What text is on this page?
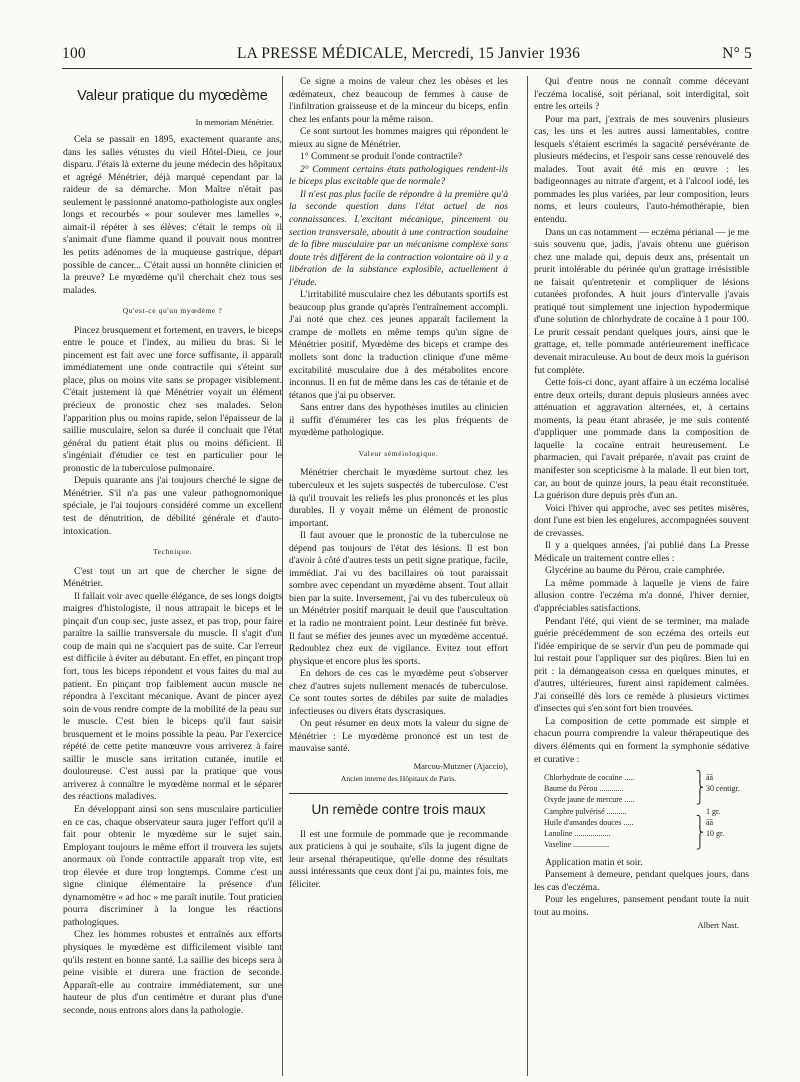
100	LA PRESSE MÉDICALE, Mercredi, 15 Janvier 1936	N° 5
Valeur pratique du myœdème

In memoriam Ménétrier.

Cela se passait en 1895, exactement quarante ans, dans les salles vétustes du vieil Hôtel-Dieu, ce jour disparu. J'étais là externe du jeune médecin des hôpitaux et agrégé Ménétrier, déjà marqué cependant par la raideur de sa démarche. Mon Maître n'était pas seulement le passionné anatomo-pathologiste aux ongles longs et recourbés « pour soulever mes lamelles », aimait-il répéter à ses élèves: c'était le temps où il s'animait d'une flamme quand il pouvait nous montrer les petits adénomes de la muqueuse gastrique, départ possible de cancer... C'était aussi un honnête clinicien et la preuve? Le myœdème qu'il cherchait chez tous ses malades.

Qu'est-ce qu'un myœdème ?

Pincez brusquement et fortement, en travers, le biceps entre le pouce et l'index, au milieu du bras. Si le pincement est fait avec une force suffisante, il apparaît immédiatement une onde contractile qui s'éteint sur place, plus ou moins vite sans se propager visiblement. C'était justement là que Ménétrier voyait un élément précieux de pronostic chez ses malades. Selon l'apparition plus ou moins rapide, selon l'épaisseur de la saillie musculaire, selon sa durée il concluait que l'état général du patient était plus ou moins déficient. Il s'ingéniait d'étudier ce test en particulier pour le pronostic de la tuberculose pulmonaire.

Depuis quarante ans j'ai toujours cherché le signe de Ménétrier. S'il n'a pas une valeur pathognomonique spéciale, je l'ai toujours considéré comme un excellent test de dénutrition, de débilité générale et d'auto-intoxication.

Technique.

C'est tout un art que de chercher le signe de Ménétrier.

Il fallait voir avec quelle élégance, de ses longs doigts maigres d'histologiste, il nous attrapait le biceps et le pinçait d'un coup sec, juste assez, et pas trop, pour faire paraître la saillie transversale du muscle. Il s'agit d'un coup de main qui ne s'acquiert pas de suite. Car l'erreur est difficile à éviter au débutant. En effet, en pinçant trop fort, tous les biceps répondent et vous faites du mal au patient. En pinçant trop faiblement aucun muscle ne répondra à l'excitant mécanique. Avant de pincer ayez soin de vous rendre compte de la mobilité de la peau sur le muscle. C'est bien le biceps qu'il faut saisir brusquement et le moins possible la peau. Par l'exercice répété de cette petite manœuvre vous arriverez à faire saillir le muscle sans irritation cutanée, inutile et douloureuse. C'est aussi par la pratique que vous arriverez à connaître le myœdème normal et le séparer des réactions maladives.

En développant ainsi son sens musculaire particulier en ce cas, chaque observateur saura juger l'effort qu'il a fait pour obtenir le myœdème sur le sujet sain. Employant toujours le même effort il trouvera les sujets anormaux où l'onde contractile apparaît trop vite, est trop élevée et dure trop longtemps. Comme c'est un signe clinique élémentaire la présence d'un dynamomètre « ad hoc » me paraît inutile. Tout praticien pourra discriminer à la longue les réactions pathologiques.

Chez les hommes robustes et entraînés aux efforts physiques le myœdème est difficilement visible tant qu'ils restent en bonne santé. La saillie des biceps sera à peine visible et durera une fraction de seconde. Apparaît-elle au contraire immédiatement, sur une hauteur de plus d'un centimètre et durant plus d'une seconde, nous entrons alors dans la pathologie.

Ce signe a moins de valeur chez les obèses et les œdémateux, chez beaucoup de femmes à cause de l'infiltration graisseuse et de la minceur du biceps, enfin chez les enfants pour la même raison.

Ce sont surtout les hommes maigres qui répondent le mieux au signe de Ménétrier.

1° Comment se produit l'onde contractile?

2° Comment certains états pathologiques rendent-ils le biceps plus excitable que de normale?

Il n'est pas plus facile de répondre à la première qu'à la seconde question dans l'état actuel de nos connaissances. L'excitant mécanique, pincement ou section transversale, aboutit à une contraction soudaine de la fibre musculaire par un mécanisme complexe sans doute très différent de la contraction volontaire où il y a libération de la substance explosible, actuellement à l'étude.

L'irritabilité musculaire chez les débutants sportifs est beaucoup plus grande qu'après l'entraînement accompli. J'ai noté que chez ces jeunes apparaît facilement la crampe de mollets en même temps qu'un signe de Ménétrier positif. Myœdème des biceps et crampe des mollets sont donc la traduction clinique d'une même excitabilité musculaire due à des métabolites encore inconnus. Il en fut de même dans les cas de tétanie et de tétanos que j'ai pu observer.

Sans entrer dans des hypothèses inutiles au clinicien il suffit d'énumérer les cas les plus fréquents de myœdème pathologique.

Valeur séméiologique.

Ménétrier cherchait le myœdème surtout chez les tuberculeux et les sujets suspectés de tuberculose. C'est là qu'il trouvait les reliefs les plus prononcés et les plus durables. Il y voyait même un élément de pronostic important.

Il faut avouer que le pronostic de la tuberculose ne dépend pas toujours de l'état des lésions. Il est bon d'avoir à côté d'autres tests un petit signe pratique, facile, immédiat. J'ai vu des bacillaires où tout paraissait sombre avec cependant un myœdème absent. Tout allait bien par la suite. Inversement, j'ai vu des tuberculeux où un Ménétrier positif marquait le deuil que l'auscultation et la radio ne montraient point. Leur destinée fut brève. Il faut se méfier des jeunes avec un myœdème accentué. Redoublez chez eux de vigilance. Evitez tout effort physique et encore plus les sports.

En dehors de ces cas le myœdème peut s'observer chez d'autres sujets nullement menacés de tuberculose. Ce sont toutes sortes de débiles par suite de maladies infectieuses ou divers états dyscrasiques.

On peut résumer en deux mots la valeur du signe de Ménétrier : Le myœdème prononcé est un test de mauvaise santé.

Marcou-Mutzner (Ajaccio),

Ancien interne des Hôpitaux de Paris.

Un remède contre trois maux

Il est une formule de pommade que je recommande aux praticiens à qui je souhaite, s'ils la jugent digne de leur arsenal thérapeutique, qu'elle donne des résultats aussi intéressants que ceux dont j'ai pu, maintes fois, me féliciter.

Qui d'entre nous ne connaît comme décevant l'eczéma localisé, soit périanal, soit interdigital, soit entre les orteils ?

Pour ma part, j'extrais de mes souvenirs plusieurs cas, les uns et les autres aussi lamentables, contre lesquels s'étaient escrimés la sagacité persévérante de plusieurs médecins, et l'espoir sans cesse renouvelé des malades. Tout avait été mis en œuvre : les badigeonnages au nitrate d'argent, et à l'alcool iodé, les pommades les plus variées, par leur composition, leurs noms, et leurs couleurs, l'auto-hémothérapie, bien entendu.

Dans un cas notamment — eczéma périanal — je me suis souvenu que, jadis, j'avais obtenu une guérison chez une malade qui, depuis deux ans, présentait un prurit intolérable du périnée qu'un grattage irrésistible ne faisait qu'entretenir et compliquer de lésions cutanées profondes. A huit jours d'intervalle j'avais pratiqué tout simplement une injection hypodermique d'une solution de chlorhydrate de cocaïne à 1 pour 100. Le prurit cessait pendant quelques jours, ainsi que le grattage, et, telle pommade antérieurement inefficace devenait miraculeuse. Au bout de deux mois la guérison fut complète.

Cette fois-ci donc, ayant affaire à un eczéma localisé entre deux orteils, durant depuis plusieurs années avec atténuation et aggravation alternées, et, à certains moments, la peau étant abrasée, je me suis contenté d'appliquer une pommade dans la composition de laquelle la cocaïne entrait heureusement. Le pharmacien, qui l'avait préparée, n'avait pas craint de manifester son scepticisme à la malade. Il eut bien tort, car, au bout de quinze jours, la peau était reconstituée. La guérison dure depuis près d'un an.

Voici l'hiver qui approche, avec ses petites misères, dont l'une est bien les engelures, accompagnées souvent de crevasses.

Il y a quelques années, j'ai publié dans La Presse Médicale un traitement contre elles :

Glycérine au baume du Pérou, craie camphrée.

La même pommade à laquelle je viens de faire allusion contre l'eczéma m'a donné, l'hiver dernier, d'appréciables satisfactions.

Pendant l'été, qui vient de se terminer, ma malade guérie précédemment de son eczéma des orteils eut l'idée empirique de se servir d'un peu de pommade qui lui restait pour l'appliquer sur des piqûres. Bien lui en prit : la démangeaison cessa en quelques minutes, et d'autres, ultérieures, furent ainsi rapidement calmées. J'ai conseillé dès lors ce remède à plusieurs victimes d'insectes qui s'en sont fort bien trouvées.

La composition de cette pommade est simple et chacun pourra comprendre la valeur thérapeutique des divers éléments qui en forment la symphonie sédative et curative :

Chlorhydrate de cocaïne .....	⎫ āā
Baume du Pérou ............	⎬ 30 centigr.
Oxyde jaune de mercure .....	⎭
Camphre pulvérisé ..........	1 gr.
Huile d'amandes douces .....	⎫ āā
Lanoline ..................	⎬ 10 gr.
Vaseline ..................	⎭

Application matin et soir.

Pansement à demeure, pendant quelques jours, dans les cas d'eczéma.

Pour les engelures, pansement pendant toute la nuit tout au moins.

Albert Nast.
